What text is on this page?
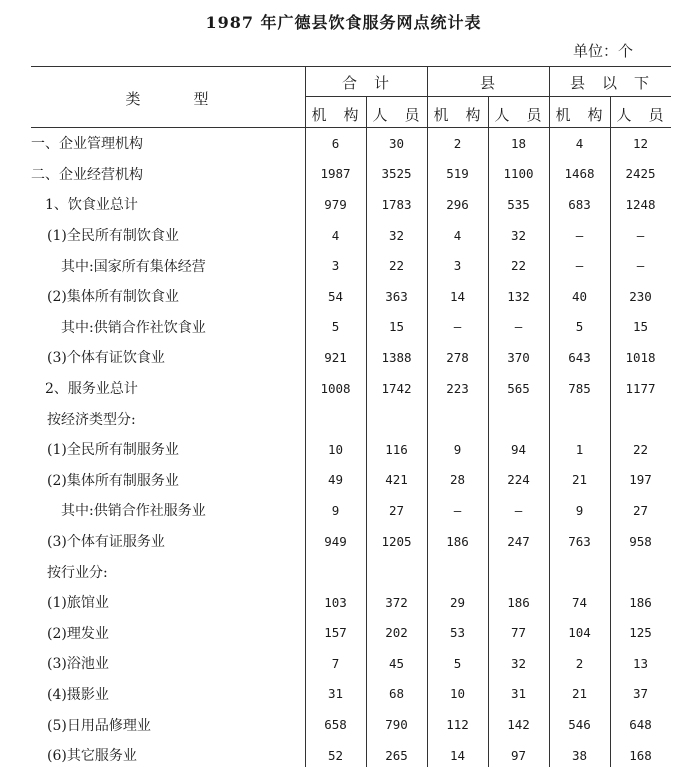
1987 年广德县饮食服务网点统计表
单位：个
类　　　型
合　计	县	县　以　下
机　构 人　员 机　构 人　员 机　构 人　员
一、企业管理机构	6	30	2	18	4	12
二、企业经营机构	1987	3525	519	1100	1468	2425
1、饮食业总计	979	1783	296	535	683	1248
(1)全民所有制饮食业	4	32	4	32	—	—
其中:国家所有集体经营	3	22	3	22	—	—
(2)集体所有制饮食业	54	363	14	132	40	230
其中:供销合作社饮食业	5	15	—	—	5	15
(3)个体有证饮食业	921	1388	278	370	643	1018
2、服务业总计	1008	1742	223	565	785	1177
按经济类型分:						
(1)全民所有制服务业	10	116	9	94	1	22
(2)集体所有制服务业	49	421	28	224	21	197
其中:供销合作社服务业	9	27	—	—	9	27
(3)个体有证服务业	949	1205	186	247	763	958
按行业分:						
(1)旅馆业	103	372	29	186	74	186
(2)理发业	157	202	53	77	104	125
(3)浴池业	7	45	5	32	2	13
(4)摄影业	31	68	10	31	21	37
(5)日用品修理业	658	790	112	142	546	648
(6)其它服务业	52	265	14	97	38	168
